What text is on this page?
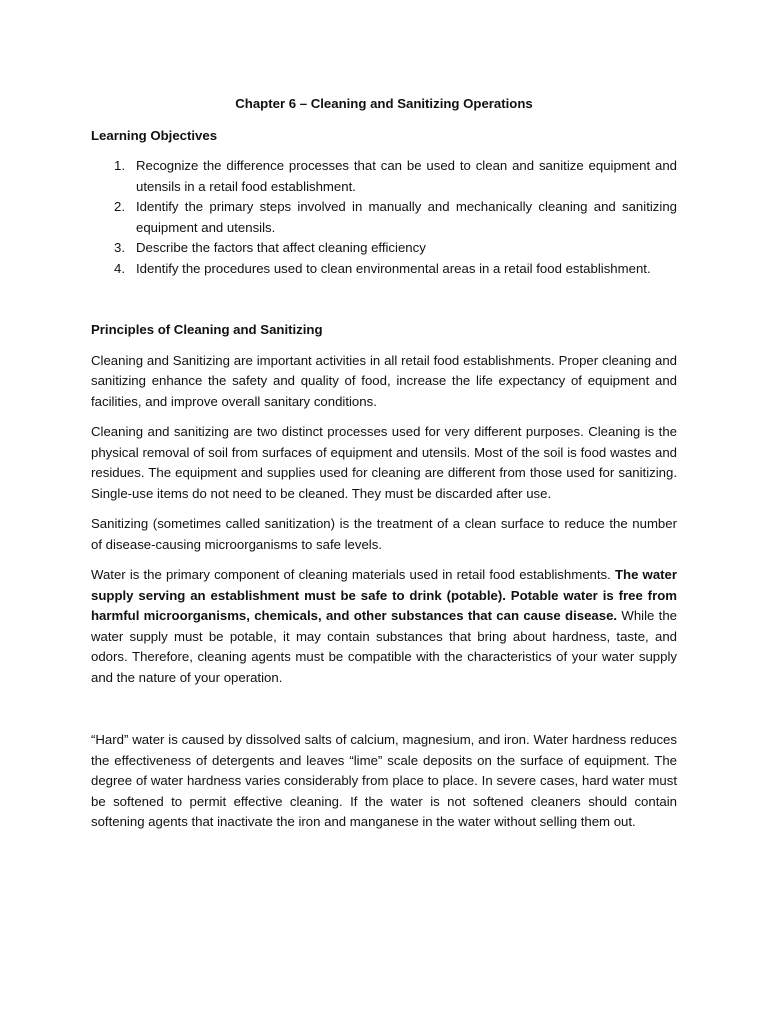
Chapter 6 – Cleaning and Sanitizing Operations
Learning Objectives
1. Recognize the difference processes that can be used to clean and sanitize equipment and utensils in a retail food establishment.
2. Identify the primary steps involved in manually and mechanically cleaning and sanitizing equipment and utensils.
3. Describe the factors that affect cleaning efficiency
4. Identify the procedures used to clean environmental areas in a retail food establishment.
Principles of Cleaning and Sanitizing

Cleaning and Sanitizing are important activities in all retail food establishments. Proper cleaning and sanitizing enhance the safety and quality of food, increase the life expectancy of equipment and facilities, and improve overall sanitary conditions.

Cleaning and sanitizing are two distinct processes used for very different purposes. Cleaning is the physical removal of soil from surfaces of equipment and utensils. Most of the soil is food wastes and residues. The equipment and supplies used for cleaning are different from those used for sanitizing. Single-use items do not need to be cleaned. They must be discarded after use.

Sanitizing (sometimes called sanitization) is the treatment of a clean surface to reduce the number of disease-causing microorganisms to safe levels.

Water is the primary component of cleaning materials used in retail food establishments. The water supply serving an establishment must be safe to drink (potable). Potable water is free from harmful microorganisms, chemicals, and other substances that can cause disease. While the water supply must be potable, it may contain substances that bring about hardness, taste, and odors. Therefore, cleaning agents must be compatible with the characteristics of your water supply and the nature of your operation.

“Hard” water is caused by dissolved salts of calcium, magnesium, and iron. Water hardness reduces the effectiveness of detergents and leaves “lime” scale deposits on the surface of equipment. The degree of water hardness varies considerably from place to place. In severe cases, hard water must be softened to permit effective cleaning. If the water is not softened cleaners should contain softening agents that inactivate the iron and manganese in the water without selling them out.
